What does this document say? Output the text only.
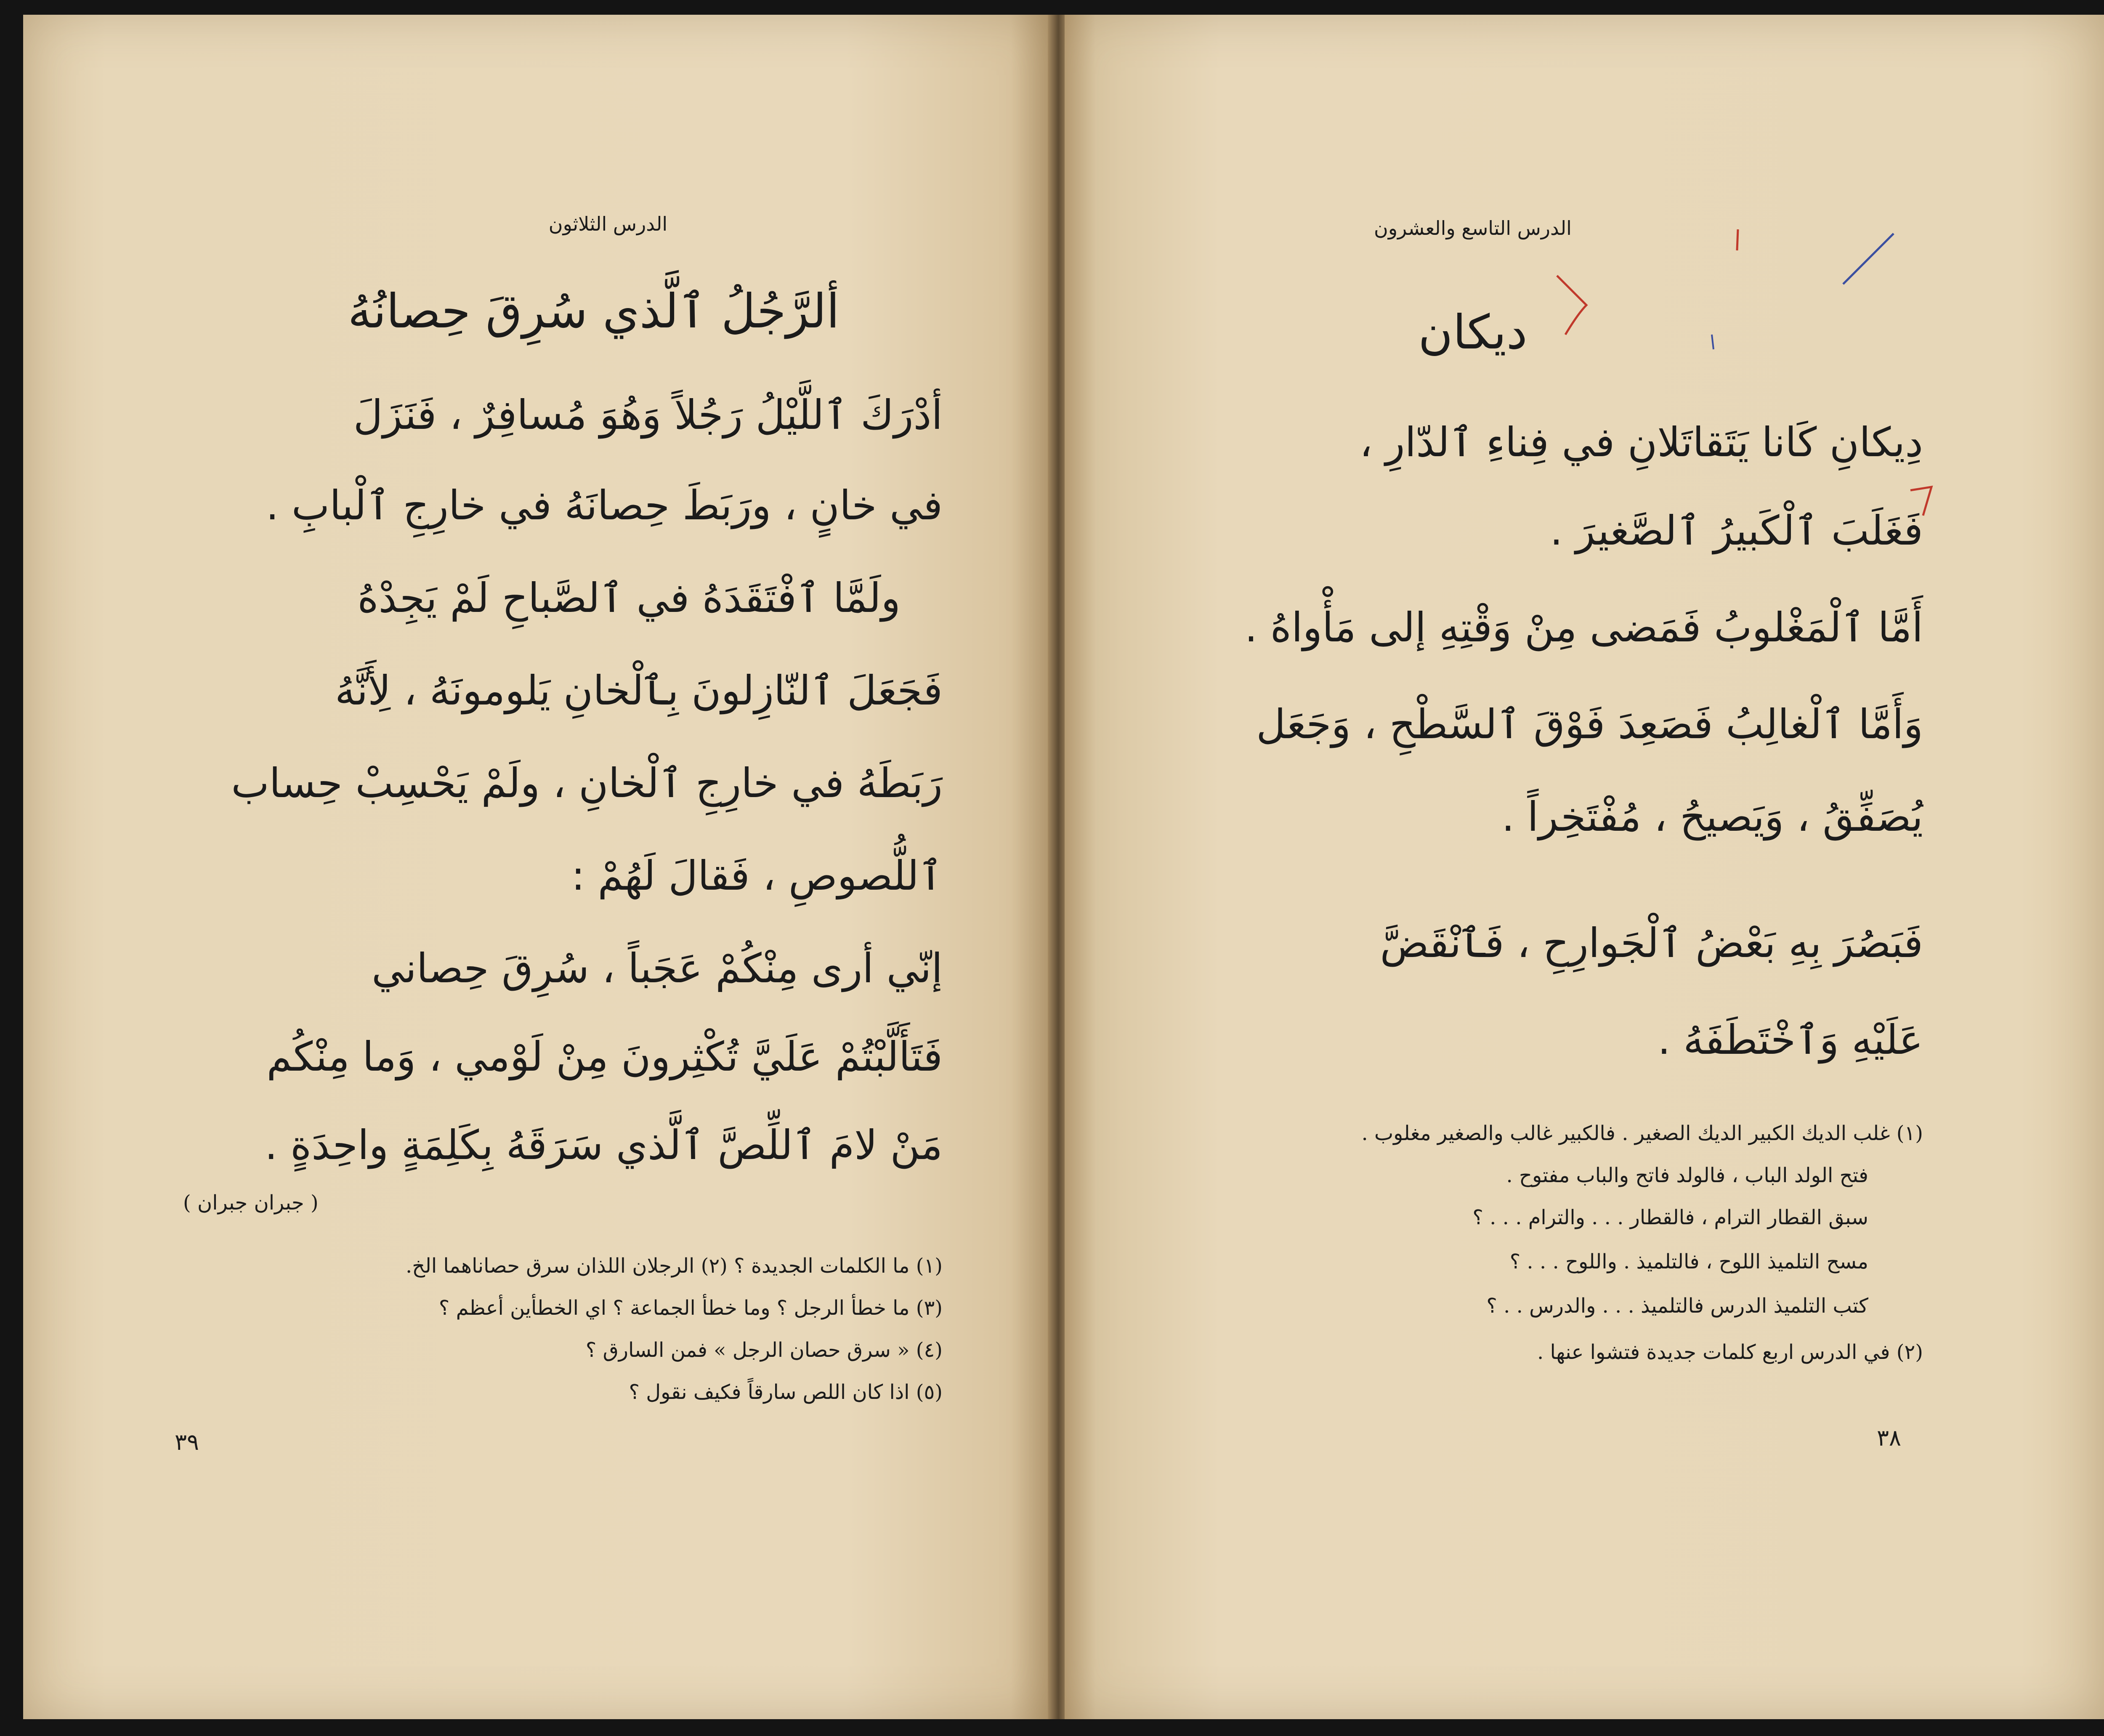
الدرس الثلاثون
ألرَّجُلُ ٱلَّذي سُرِقَ حِصانُهُ
أدْرَكَ ٱللَّيْلُ رَجُلاً وَهُوَ مُسافِرٌ ، فَنَزَلَ
في خانٍ ، ورَبَطَ حِصانَهُ في خارِجِ ٱلْبابِ .
ولَمَّا ٱفْتَقَدَهُ في ٱلصَّباحِ لَمْ يَجِدْهُ
فَجَعَلَ ٱلنّازِلونَ بِٱلْخانِ يَلومونَهُ ، لِأَنَّهُ
رَبَطَهُ في خارِجِ ٱلْخانِ ، ولَمْ يَحْسِبْ حِساب
ٱللُّصوصِ ، فَقالَ لَهُمْ :
إنّي أرى مِنْكُمْ عَجَباً ، سُرِقَ حِصاني
فَتَأَلَّبْتُمْ عَلَيَّ تُكْثِرونَ مِنْ لَوْمي ، وَما مِنْكُم
مَنْ لامَ ٱللِّصَّ ٱلَّذي سَرَقَهُ بِكَلِمَةٍ واحِدَةٍ .
( جبران جبران )
(١) ما الكلمات الجديدة ؟ (٢) الرجلان اللذان سرق حصاناهما الخ.
(٣) ما خطأ الرجل ؟ وما خطأ الجماعة ؟ اي الخطأين أعظم ؟
(٤) « سرق حصان الرجل » فمن السارق ؟
(٥) اذا كان اللص سارقاً فكيف نقول ؟
٣٩
الدرس التاسع والعشرون
ديكان
دِيكانِ كَانا يَتَقاتَلانِ في فِناءِ ٱلدّارِ ،
فَغَلَبَ ٱلْكَبيرُ ٱلصَّغيرَ .
أَمَّا ٱلْمَغْلوبُ فَمَضى مِنْ وَقْتِهِ إلى مَأْواهُ .
وَأَمَّا ٱلْغالِبُ فَصَعِدَ فَوْقَ ٱلسَّطْحِ ، وَجَعَل
يُصَفِّقُ ، وَيَصيحُ ، مُفْتَخِراً .
فَبَصُرَ بِهِ بَعْضُ ٱلْجَوارِحِ ، فَٱنْقَضَّ
عَلَيْهِ وَٱخْتَطَفَهُ .
(١) غلب الديك الكبير الديك الصغير . فالكبير غالب والصغير مغلوب .
فتح الولد الباب ، فالولد فاتح والباب مفتوح .
سبق القطار الترام ، فالقطار . . . والترام . . . ؟
مسح التلميذ اللوح ، فالتلميذ . واللوح . . . ؟
كتب التلميذ الدرس فالتلميذ . . . والدرس . . ؟
(٢) في الدرس اربع كلمات جديدة فتشوا عنها .
٣٨
